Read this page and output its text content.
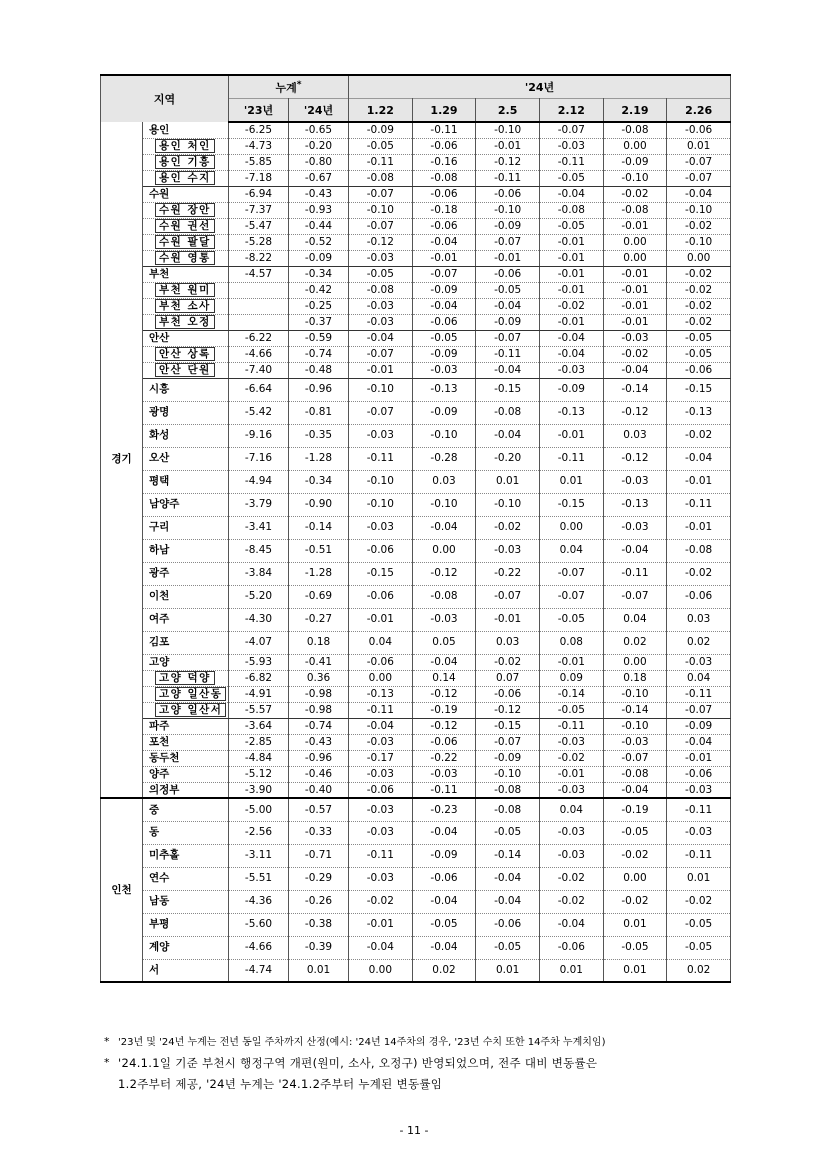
지역		누계*		'24년					
		'23년	'24년	1.22	1.29	2.5	2.12	2.19	2.26
경기	용인	-6.25	-0.65	-0.09	-0.11	-0.10	-0.07	-0.08	-0.06
	용인 처인	-4.73	-0.20	-0.05	-0.06	-0.01	-0.03	0.00	0.01
	용인 기흥	-5.85	-0.80	-0.11	-0.16	-0.12	-0.11	-0.09	-0.07
	용인 수지	-7.18	-0.67	-0.08	-0.08	-0.11	-0.05	-0.10	-0.07
	수원	-6.94	-0.43	-0.07	-0.06	-0.06	-0.04	-0.02	-0.04
	수원 장안	-7.37	-0.93	-0.10	-0.18	-0.10	-0.08	-0.08	-0.10
	수원 권선	-5.47	-0.44	-0.07	-0.06	-0.09	-0.05	-0.01	-0.02
	수원 팔달	-5.28	-0.52	-0.12	-0.04	-0.07	-0.01	0.00	-0.10
	수원 영통	-8.22	-0.09	-0.03	-0.01	-0.01	-0.01	0.00	0.00
	부천	-4.57	-0.34	-0.05	-0.07	-0.06	-0.01	-0.01	-0.02
	부천 원미		-0.42	-0.08	-0.09	-0.05	-0.01	-0.01	-0.02
	부천 소사		-0.25	-0.03	-0.04	-0.04	-0.02	-0.01	-0.02
	부천 오정		-0.37	-0.03	-0.06	-0.09	-0.01	-0.01	-0.02
	안산	-6.22	-0.59	-0.04	-0.05	-0.07	-0.04	-0.03	-0.05
	안산 상록	-4.66	-0.74	-0.07	-0.09	-0.11	-0.04	-0.02	-0.05
	안산 단원	-7.40	-0.48	-0.01	-0.03	-0.04	-0.03	-0.04	-0.06
	시흥	-6.64	-0.96	-0.10	-0.13	-0.15	-0.09	-0.14	-0.15
	광명	-5.42	-0.81	-0.07	-0.09	-0.08	-0.13	-0.12	-0.13
	화성	-9.16	-0.35	-0.03	-0.10	-0.04	-0.01	0.03	-0.02
	오산	-7.16	-1.28	-0.11	-0.28	-0.20	-0.11	-0.12	-0.04
	평택	-4.94	-0.34	-0.10	0.03	0.01	0.01	-0.03	-0.01
	남양주	-3.79	-0.90	-0.10	-0.10	-0.10	-0.15	-0.13	-0.11
	구리	-3.41	-0.14	-0.03	-0.04	-0.02	0.00	-0.03	-0.01
	하남	-8.45	-0.51	-0.06	0.00	-0.03	0.04	-0.04	-0.08
	광주	-3.84	-1.28	-0.15	-0.12	-0.22	-0.07	-0.11	-0.02
	이천	-5.20	-0.69	-0.06	-0.08	-0.07	-0.07	-0.07	-0.06
	여주	-4.30	-0.27	-0.01	-0.03	-0.01	-0.05	0.04	0.03
	김포	-4.07	0.18	0.04	0.05	0.03	0.08	0.02	0.02
	고양	-5.93	-0.41	-0.06	-0.04	-0.02	-0.01	0.00	-0.03
	고양 덕양	-6.82	0.36	0.00	0.14	0.07	0.09	0.18	0.04
	고양 일산동	-4.91	-0.98	-0.13	-0.12	-0.06	-0.14	-0.10	-0.11
	고양 일산서	-5.57	-0.98	-0.11	-0.19	-0.12	-0.05	-0.14	-0.07
	파주	-3.64	-0.74	-0.04	-0.12	-0.15	-0.11	-0.10	-0.09
	포천	-2.85	-0.43	-0.03	-0.06	-0.07	-0.03	-0.03	-0.04
	동두천	-4.84	-0.96	-0.17	-0.22	-0.09	-0.02	-0.07	-0.01
	양주	-5.12	-0.46	-0.03	-0.03	-0.10	-0.01	-0.08	-0.06
	의정부	-3.90	-0.40	-0.06	-0.11	-0.08	-0.03	-0.04	-0.03
인천	중	-5.00	-0.57	-0.03	-0.23	-0.08	0.04	-0.19	-0.11
	동	-2.56	-0.33	-0.03	-0.04	-0.05	-0.03	-0.05	-0.03
	미추홀	-3.11	-0.71	-0.11	-0.09	-0.14	-0.03	-0.02	-0.11
	연수	-5.51	-0.29	-0.03	-0.06	-0.04	-0.02	0.00	0.01
	남동	-4.36	-0.26	-0.02	-0.04	-0.04	-0.02	-0.02	-0.02
	부평	-5.60	-0.38	-0.01	-0.05	-0.06	-0.04	0.01	-0.05
	계양	-4.66	-0.39	-0.04	-0.04	-0.05	-0.06	-0.05	-0.05
	서	-4.74	0.01	0.00	0.02	0.01	0.01	0.01	0.02
* '23년 및 '24년 누계는 전년 동일 주차까지 산정(예시: '24년 14주차의 경우, '23년 수치 또한 14주차 누계치임)
* '24.1.1일 기준 부천시 행정구역 개편(원미, 소사, 오정구) 반영되었으며, 전주 대비 변동률은
1.2주부터 제공, '24년 누계는 '24.1.2주부터 누계된 변동률임
- 11 -
